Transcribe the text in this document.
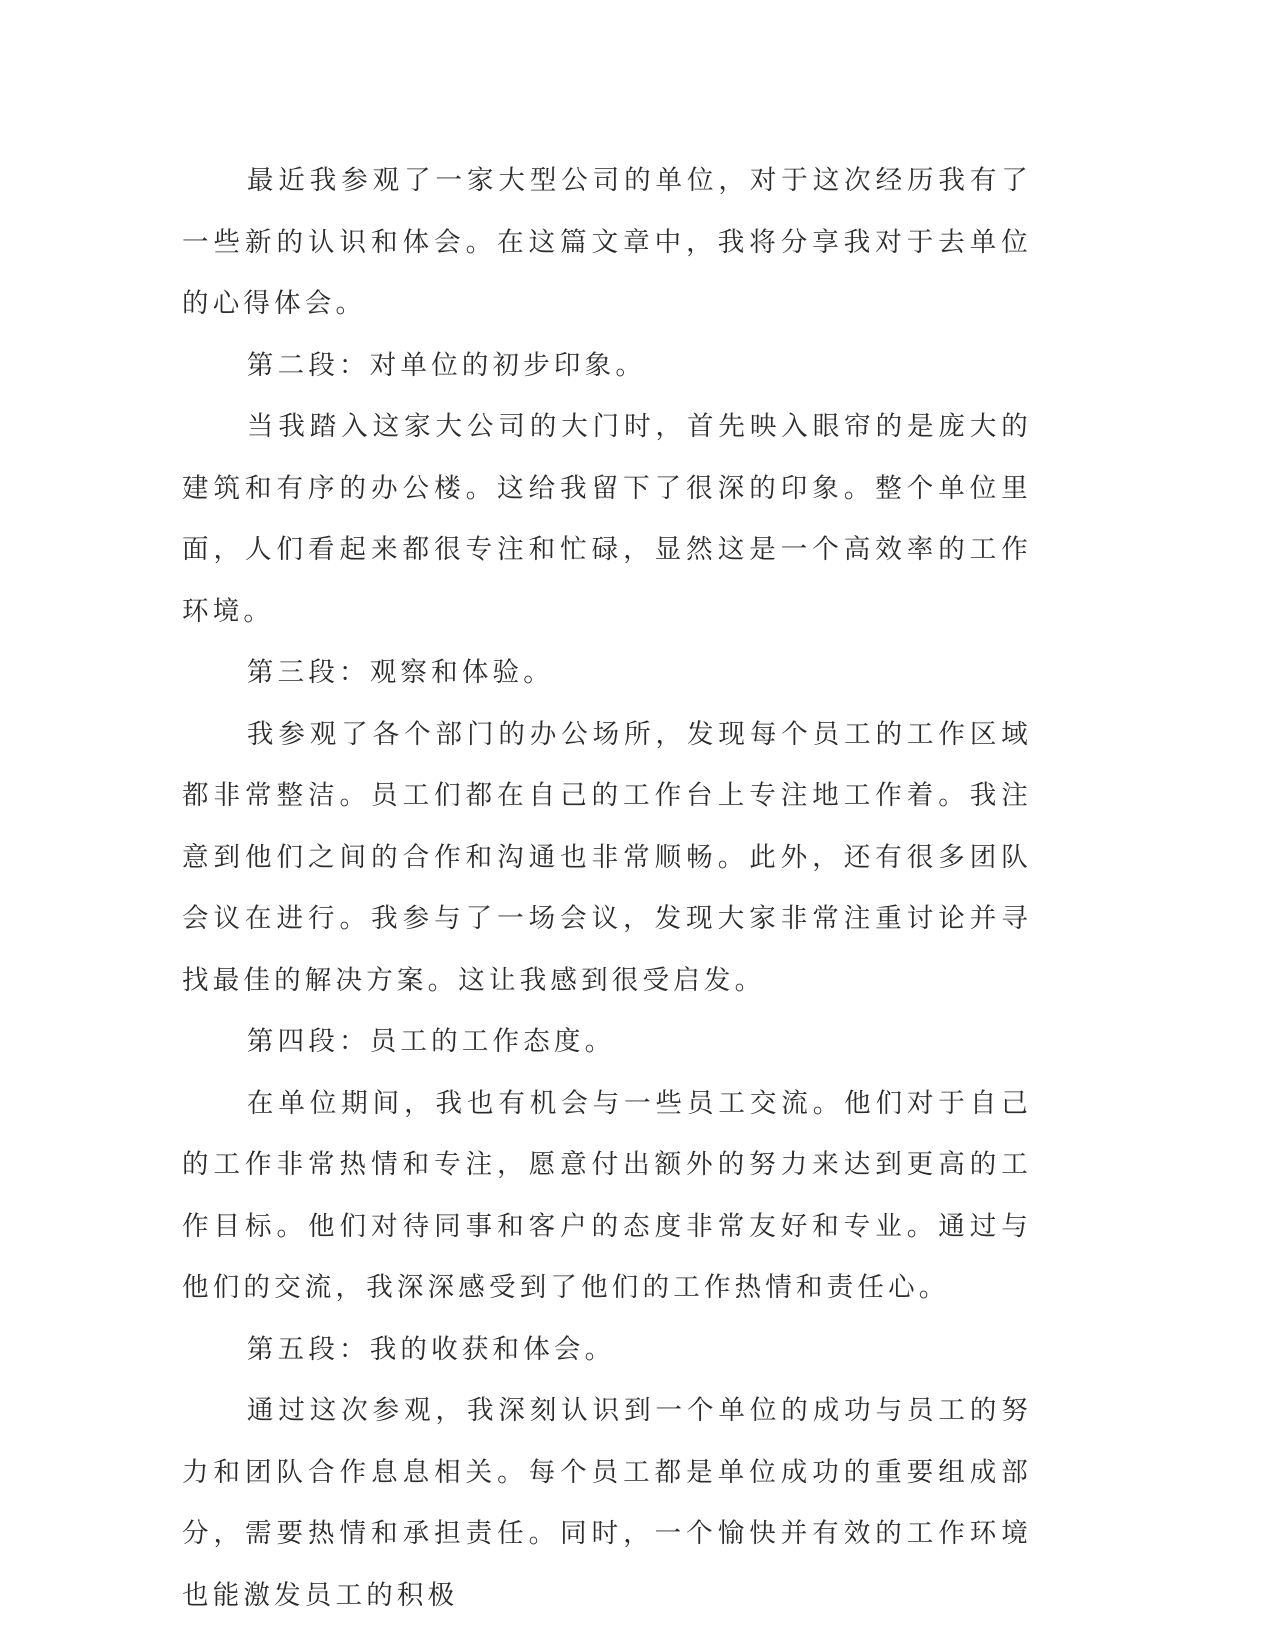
最近我参观了一家大型公司的单位，对于这次经历我有了一些新的认识和体会。在这篇文章中，我将分享我对于去单位的心得体会。

第二段：对单位的初步印象。

当我踏入这家大公司的大门时，首先映入眼帘的是庞大的建筑和有序的办公楼。这给我留下了很深的印象。整个单位里面，人们看起来都很专注和忙碌，显然这是一个高效率的工作环境。

第三段：观察和体验。

我参观了各个部门的办公场所，发现每个员工的工作区域都非常整洁。员工们都在自己的工作台上专注地工作着。我注意到他们之间的合作和沟通也非常顺畅。此外，还有很多团队会议在进行。我参与了一场会议，发现大家非常注重讨论并寻找最佳的解决方案。这让我感到很受启发。

第四段：员工的工作态度。

在单位期间，我也有机会与一些员工交流。他们对于自己的工作非常热情和专注，愿意付出额外的努力来达到更高的工作目标。他们对待同事和客户的态度非常友好和专业。通过与他们的交流，我深深感受到了他们的工作热情和责任心。

第五段：我的收获和体会。

通过这次参观，我深刻认识到一个单位的成功与员工的努力和团队合作息息相关。每个员工都是单位成功的重要组成部分，需要热情和承担责任。同时，一个愉快并有效的工作环境也能激发员工的积极
